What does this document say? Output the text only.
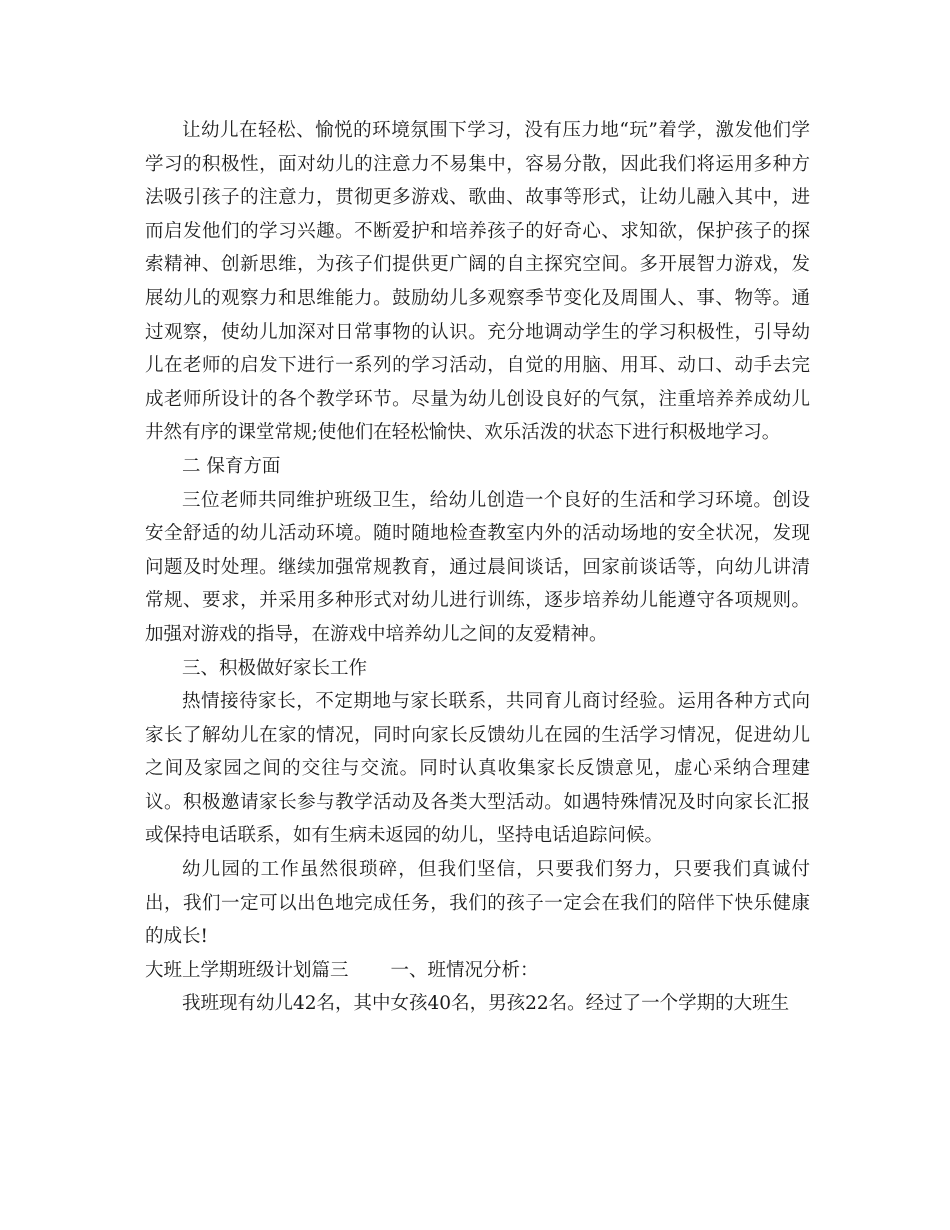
让幼儿在轻松、愉悦的环境氛围下学习，没有压力地“玩”着学，激发他们学学习的积极性，面对幼儿的注意力不易集中，容易分散，因此我们将运用多种方法吸引孩子的注意力，贯彻更多游戏、歌曲、故事等形式，让幼儿融入其中，进而启发他们的学习兴趣。不断爱护和培养孩子的好奇心、求知欲，保护孩子的探索精神、创新思维，为孩子们提供更广阔的自主探究空间。多开展智力游戏，发展幼儿的观察力和思维能力。鼓励幼儿多观察季节变化及周围人、事、物等。通过观察，使幼儿加深对日常事物的认识。充分地调动学生的学习积极性，引导幼儿在老师的启发下进行一系列的学习活动，自觉的用脑、用耳、动口、动手去完成老师所设计的各个教学环节。尽量为幼儿创设良好的气氛，注重培养养成幼儿井然有序的课堂常规;使他们在轻松愉快、欢乐活泼的状态下进行积极地学习。

二 保育方面

三位老师共同维护班级卫生，给幼儿创造一个良好的生活和学习环境。创设安全舒适的幼儿活动环境。随时随地检查教室内外的活动场地的安全状况，发现问题及时处理。继续加强常规教育，通过晨间谈话，回家前谈话等，向幼儿讲清常规、要求，并采用多种形式对幼儿进行训练，逐步培养幼儿能遵守各项规则。加强对游戏的指导，在游戏中培养幼儿之间的友爱精神。

三、积极做好家长工作

热情接待家长，不定期地与家长联系，共同育儿商讨经验。运用各种方式向家长了解幼儿在家的情况，同时向家长反馈幼儿在园的生活学习情况，促进幼儿之间及家园之间的交往与交流。同时认真收集家长反馈意见，虚心采纳合理建议。积极邀请家长参与教学活动及各类大型活动。如遇特殊情况及时向家长汇报或保持电话联系，如有生病未返园的幼儿，坚持电话追踪问候。

幼儿园的工作虽然很琐碎，但我们坚信，只要我们努力，只要我们真诚付出，我们一定可以出色地完成任务，我们的孩子一定会在我们的陪伴下快乐健康的成长!

大班上学期班级计划篇三 一、班情况分析：

我班现有幼儿42名，其中女孩40名，男孩22名。经过了一个学期的大班生
